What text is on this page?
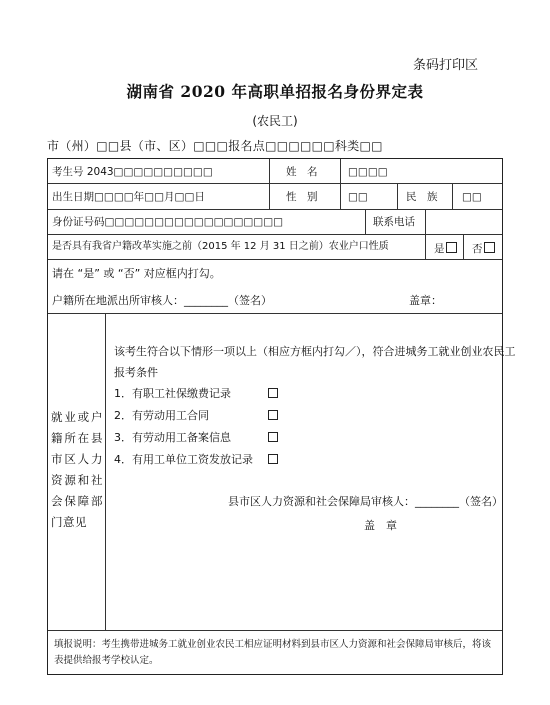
条码打印区
湖南省 2020 年高职单招报名身份界定表
(农民工)
市（州）□□县（市、区）□□□报名点□□□□□□科类□□
考生号 2043□□□□□□□□□□	姓　名	□□□□
出生日期□□□□年□□月□□日	性　别	□□	民　族 □□
身份证号码□□□□□□□□□□□□□□□□□□	联系电话
是否具有我省户籍改革实施之前（2015 年 12 月 31 日之前）农业户口性质	是	否
请在 “是” 或 “否” 对应框内打勾。
户籍所在地派出所审核人：________（签名）	盖章：
就业或户籍所在县市区人力资源和社会保障部门意见
该考生符合以下情形一项以上（相应方框内打勾／），符合进城务工就业创业农民工
报考条件
1．有职工社保缴费记录
2．有劳动用工合同
3．有劳动用工备案信息
4．有用工单位工资发放记录
县市区人力资源和社会保障局审核人：________（签名）
盖　章
填报说明：考生携带进城务工就业创业农民工相应证明材料到县市区人力资源和社会保障局审核后，将该表提供给报考学校认定。
